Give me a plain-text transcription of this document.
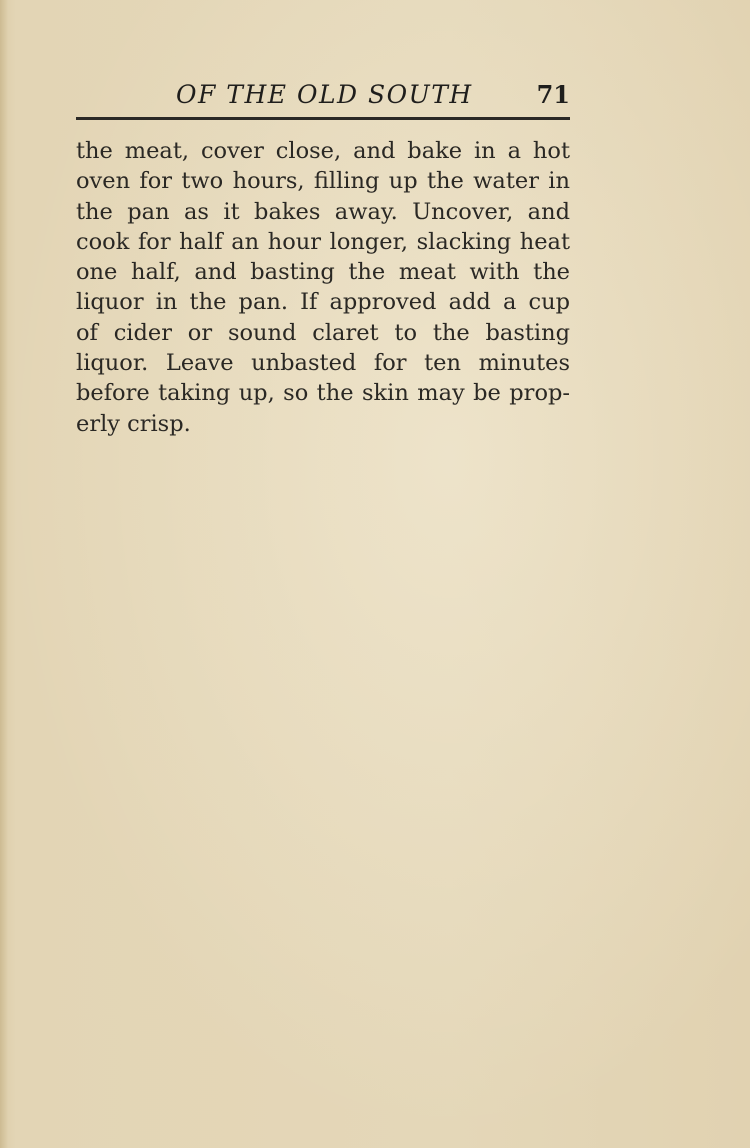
OF THE OLD SOUTH	71
the meat, cover close, and bake in a hot
oven for two hours, filling up the water in
the pan as it bakes away. Uncover, and
cook for half an hour longer, slacking heat
one half, and basting the meat with the
liquor in the pan. If approved add a cup
of cider or sound claret to the basting
liquor. Leave unbasted for ten minutes
before taking up, so the skin may be prop-
erly crisp.
